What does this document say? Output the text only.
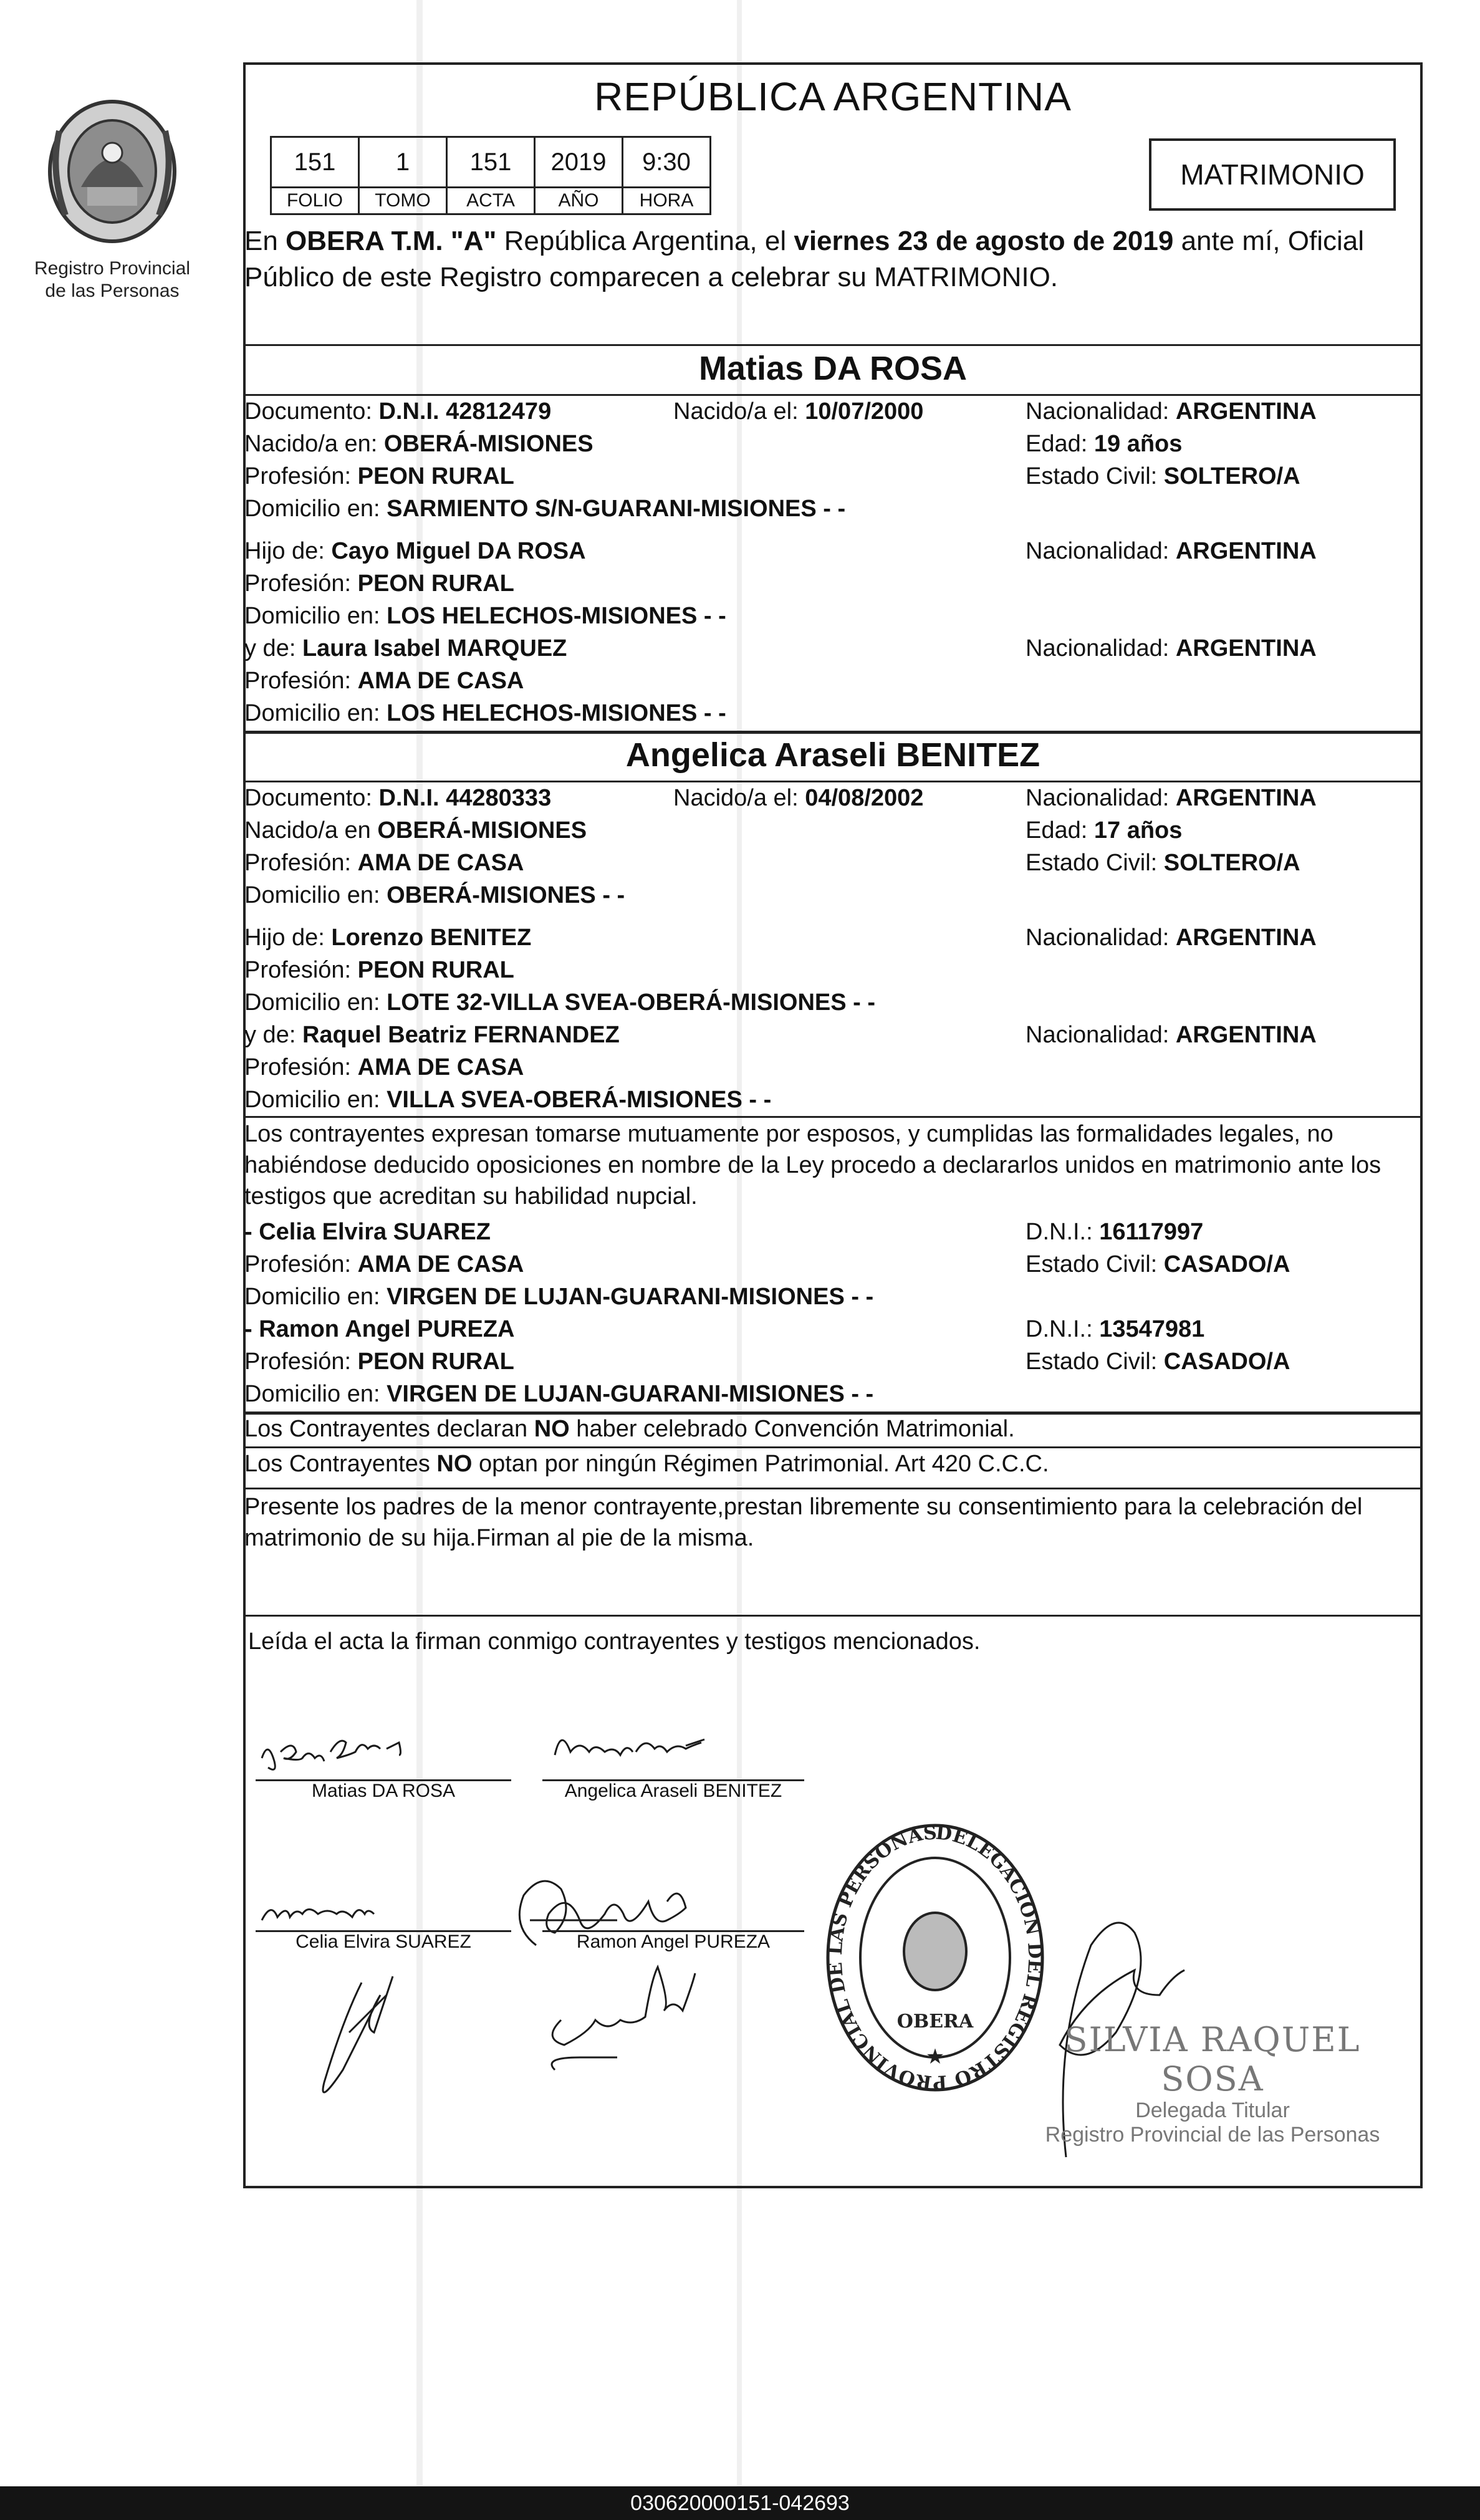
Registro Provincial
de las Personas
REPÚBLICA ARGENTINA
151	1	151	2019	9:30
FOLIO	TOMO	ACTA	AÑO	HORA
MATRIMONIO
En OBERA T.M. "A" República Argentina, el viernes 23 de agosto de 2019 ante mí, Oficial Público de este Registro comparecen a celebrar su MATRIMONIO.
Matias DA ROSA
Documento: D.N.I. 42812479	Nacido/a el: 10/07/2000	Nacionalidad: ARGENTINA
Nacido/a en: OBERÁ-MISIONES	Edad: 19 años
Profesión: PEON RURAL	Estado Civil: SOLTERO/A
Domicilio en: SARMIENTO S/N-GUARANI-MISIONES - -
Hijo de: Cayo Miguel DA ROSA	Nacionalidad: ARGENTINA
Profesión: PEON RURAL
Domicilio en: LOS HELECHOS-MISIONES - -
y de: Laura Isabel MARQUEZ	Nacionalidad: ARGENTINA
Profesión: AMA DE CASA
Domicilio en: LOS HELECHOS-MISIONES - -
Angelica Araseli BENITEZ
Documento: D.N.I. 44280333	Nacido/a el: 04/08/2002	Nacionalidad: ARGENTINA
Nacido/a en OBERÁ-MISIONES	Edad: 17 años
Profesión: AMA DE CASA	Estado Civil: SOLTERO/A
Domicilio en: OBERÁ-MISIONES - -
Hijo de: Lorenzo BENITEZ	Nacionalidad: ARGENTINA
Profesión: PEON RURAL
Domicilio en: LOTE 32-VILLA SVEA-OBERÁ-MISIONES - -
y de: Raquel Beatriz FERNANDEZ	Nacionalidad: ARGENTINA
Profesión: AMA DE CASA
Domicilio en: VILLA SVEA-OBERÁ-MISIONES - -
Los contrayentes expresan tomarse mutuamente por esposos, y cumplidas las formalidades legales, no habiéndose deducido oposiciones en nombre de la Ley procedo a declararlos unidos en matrimonio ante los testigos que acreditan su habilidad nupcial.
- Celia Elvira SUAREZ	D.N.I.: 16117997
Profesión: AMA DE CASA	Estado Civil: CASADO/A
Domicilio en: VIRGEN DE LUJAN-GUARANI-MISIONES - -
- Ramon Angel PUREZA	D.N.I.: 13547981
Profesión: PEON RURAL	Estado Civil: CASADO/A
Domicilio en: VIRGEN DE LUJAN-GUARANI-MISIONES - -
Los Contrayentes declaran NO haber celebrado Convención Matrimonial.
Los Contrayentes NO optan por ningún Régimen Patrimonial. Art 420 C.C.C.
Presente los padres de la menor contrayente,prestan libremente su consentimiento para la celebración del matrimonio de su hija.Firman al pie de la misma.
Leída el acta la firman conmigo contrayentes y testigos mencionados.
Matias DA ROSA	Angelica Araseli BENITEZ
Celia Elvira SUAREZ	Ramon Angel PUREZA
DELEGACION DEL REGISTRO PROVINCIAL DE LAS PERSONAS
OBERA
★	SILVIA RAQUEL SOSA
Delegada Titular
Registro Provincial de las Personas
030620000151-042693
